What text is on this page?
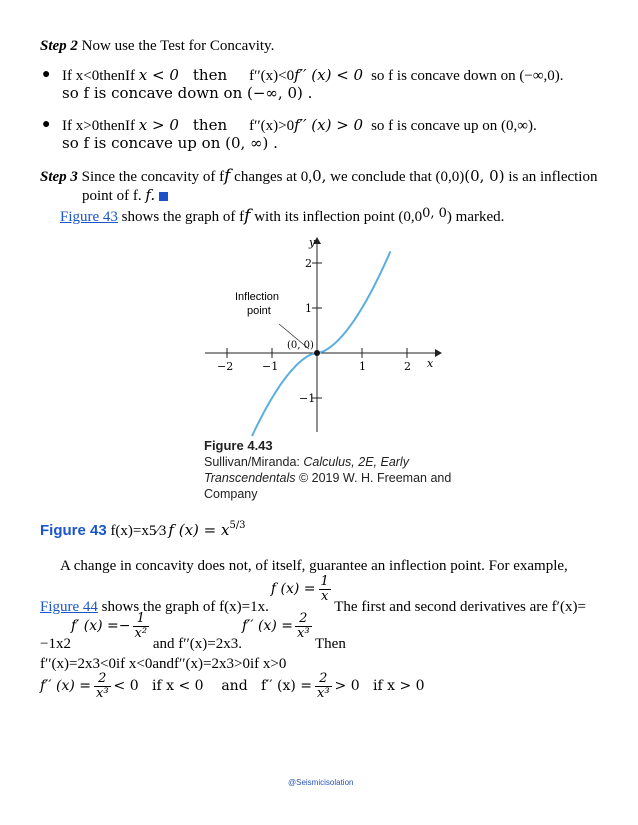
Step 2 Now use the Test for Concavity.
● If x<0thenIf x < 0 then f′′(x)<0f′′ (x) < 0 so f is concave down on (−∞,0).
so f is concave down on (−∞, 0) .
● If x>0thenIf x > 0 then f′′(x)>0f′′ (x) > 0 so f is concave up on (0,∞).
so f is concave up on (0, ∞) .
Step 3 Since the concavity of ff changes at 0,0, we conclude that (0,0)(0, 0) is an inflection
point of f. f.
Figure 43 shows the graph of ff with its inflection point (0,00, 0) marked.
y
x
−2	−1	1	2
2
1
−1
Inflection
point
(0, 0)
Figure 4.43
Sullivan/Miranda: Calculus, 2E, Early
Transcendentals © 2019 W. H. Freeman and
Company
Figure 43 f(x)=x5⁄3 f $(x) = x^{5/3}$
A change in concavity does not, of itself, guarantee an inflection point. For example,
Figure 44 shows the graph of f(x)=1x.f $(x) = \frac{1}{x}$
The first and second derivatives are f′(x)=
−1x2f′ $(x) =- \frac{1}{\text{x²}}$
and f′′(x)=2x3.f′′ $(x) = \frac{2}{\text{x³}}$
Then
f′′(x)=2x3<0if x<0andf′′(x)=2x3>0if x>0
f′′ $(x) = \frac{2}{\text{x³}} < 0$   if x < 0    and   f′′ $(x) = \frac{2}{\text{x³}} > 0$   if x > 0
@Seismicisolation
